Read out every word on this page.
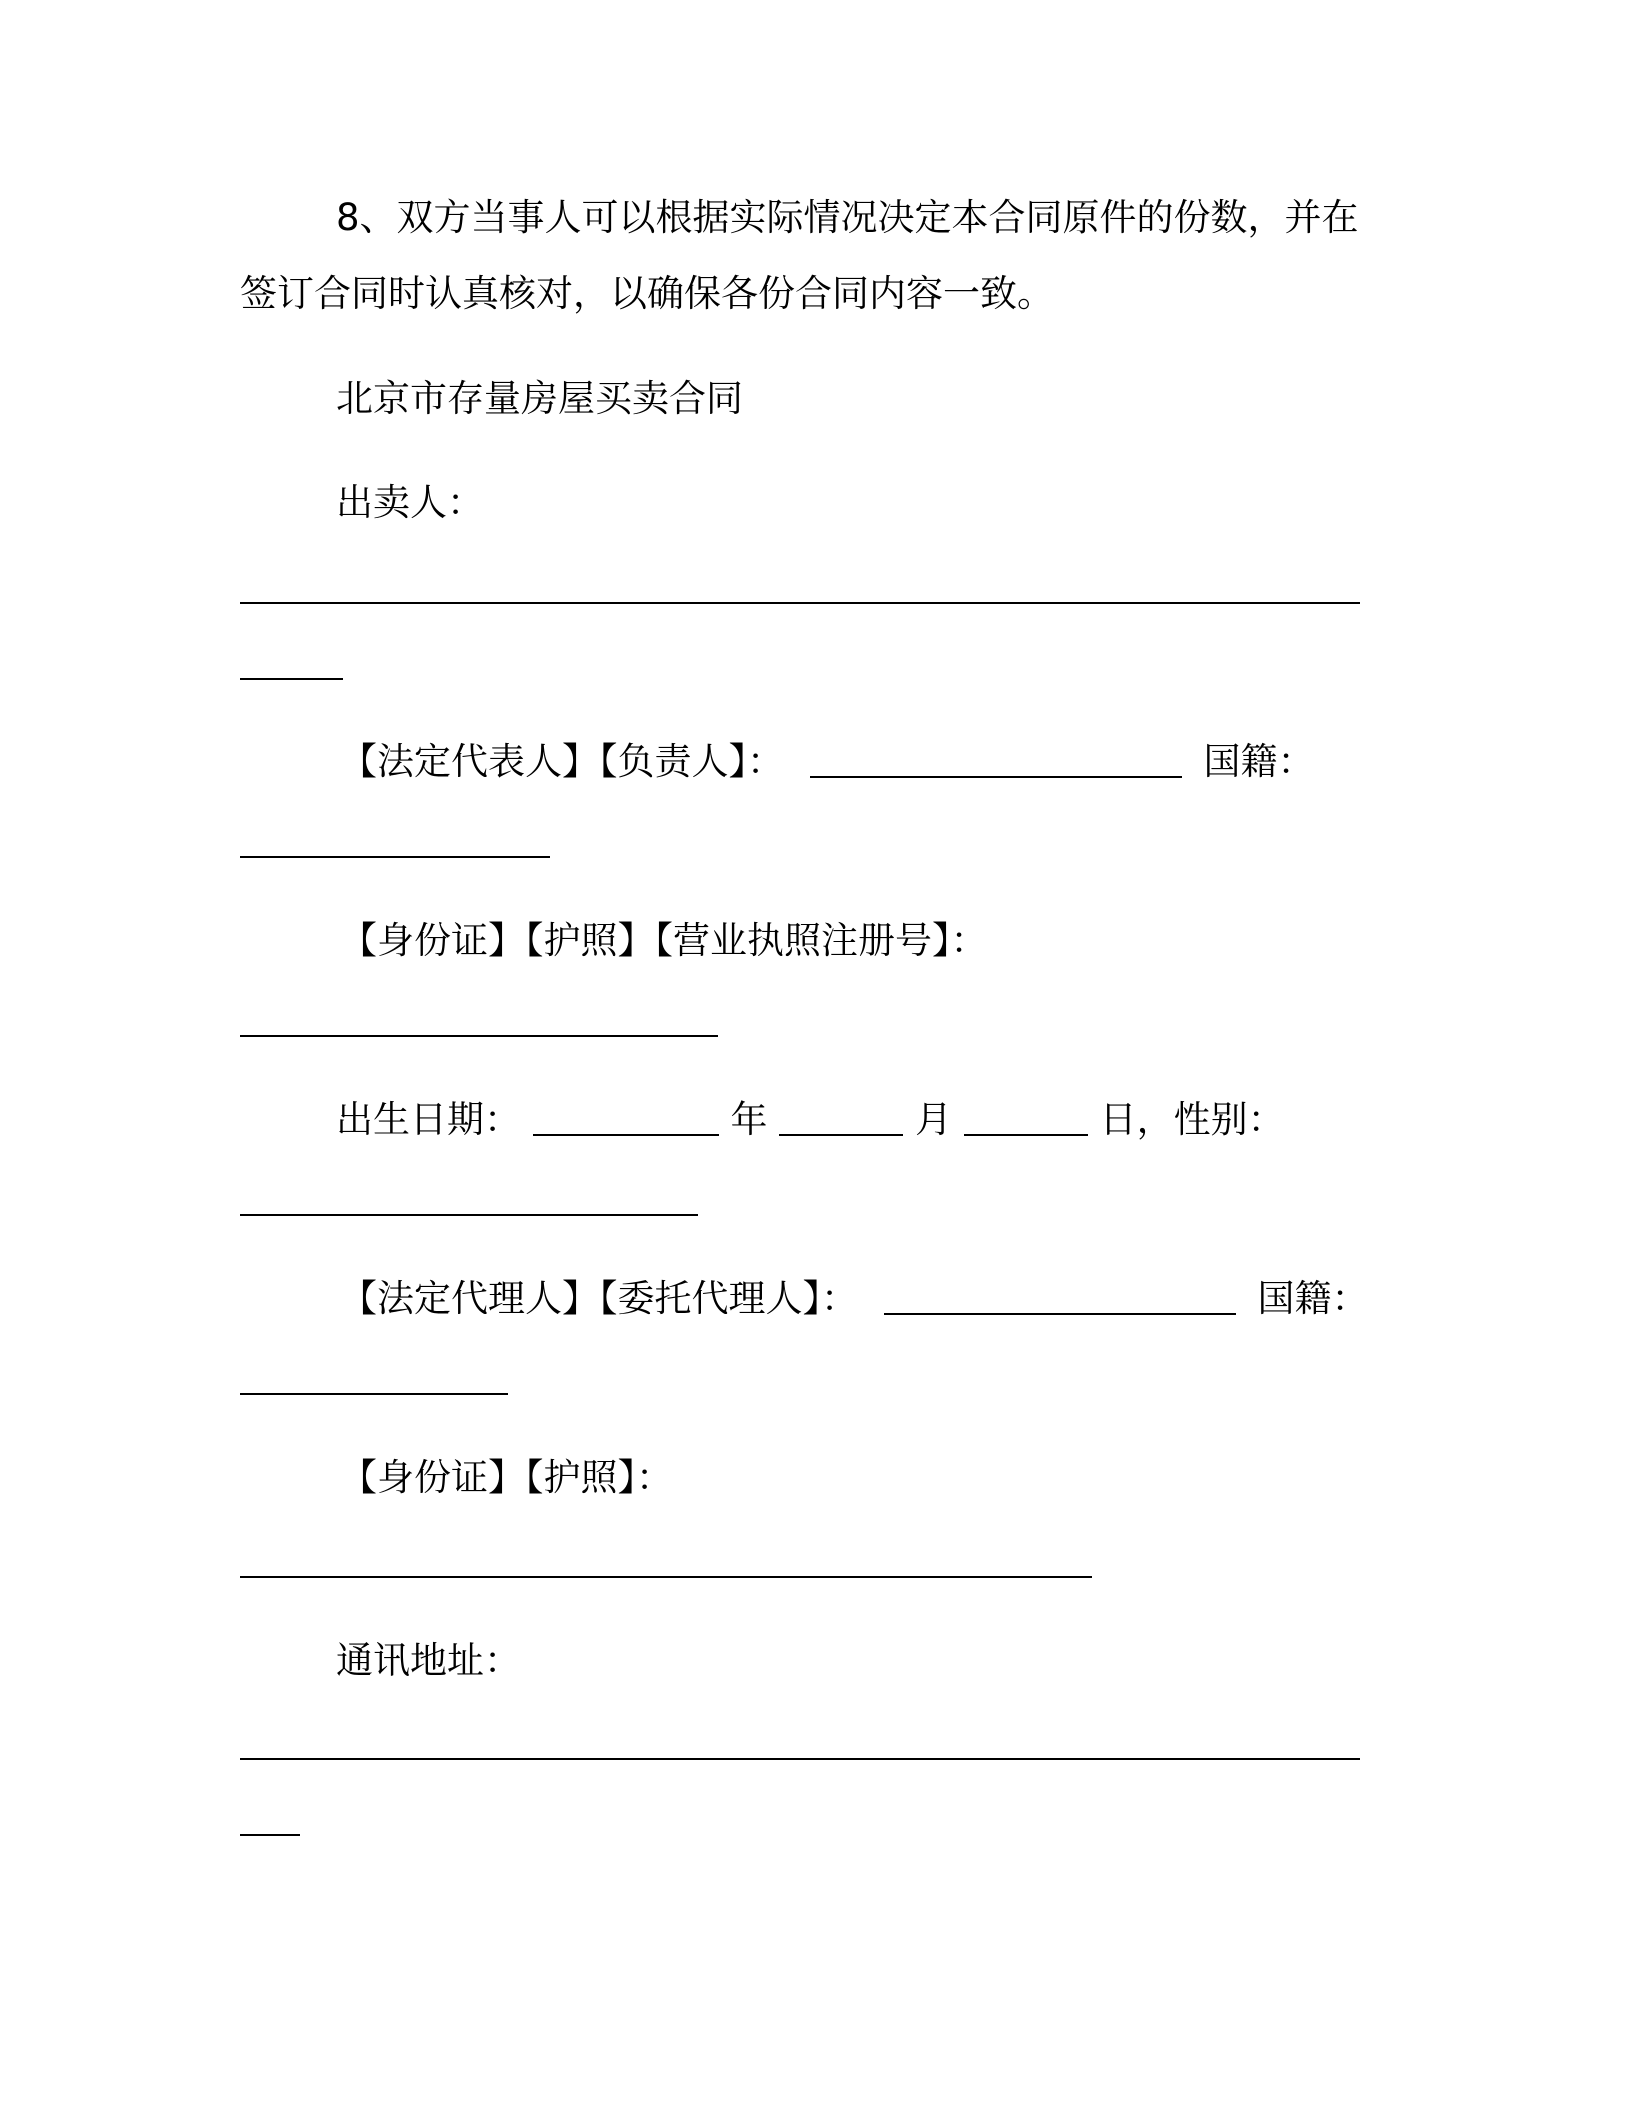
8、双方当事人可以根据实际情况决定本合同原件的份数，并在
签订合同时认真核对，以确保各份合同内容一致。
北京市存量房屋买卖合同
出卖人：
【法定代表人】【负责人】：	国籍：
【身份证】【护照】【营业执照注册号】：
出生日期：	年	月	日，性别：
【法定代理人】【委托代理人】：	国籍：
【身份证】【护照】：
通讯地址：
